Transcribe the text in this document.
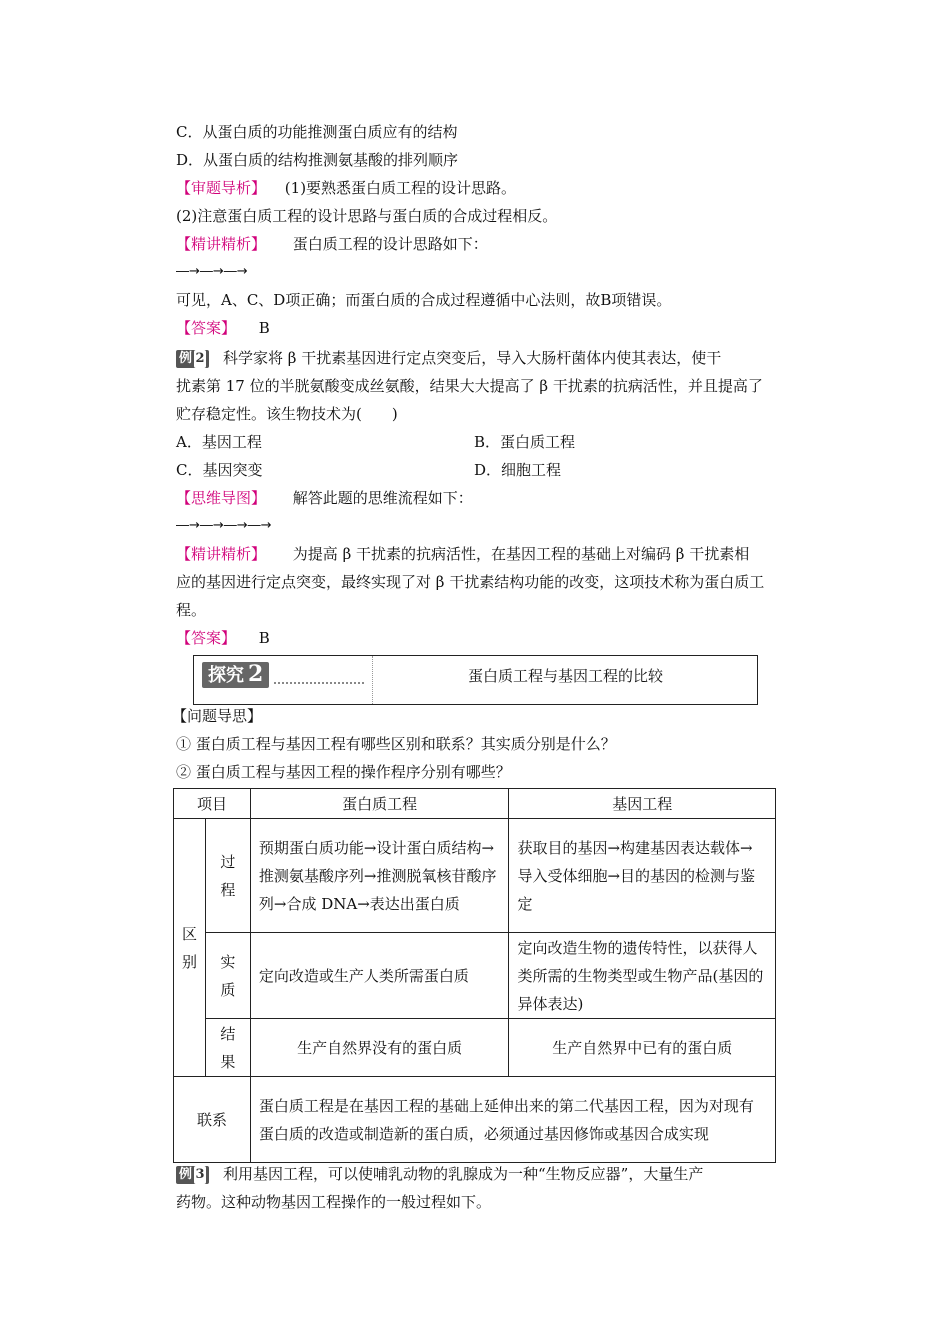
C．从蛋白质的功能推测蛋白质应有的结构
D．从蛋白质的结构推测氨基酸的排列顺序
【审题导析】 (1)要熟悉蛋白质工程的设计思路。
(2)注意蛋白质工程的设计思路与蛋白质的合成过程相反。
【精讲精析】 蛋白质工程的设计思路如下：
―→―→―→
可见，A、C、D项正确；而蛋白质的合成过程遵循中心法则，故B项错误。
【答案】 B
例 2 科学家将 β 干扰素基因进行定点突变后，导入大肠杆菌体内使其表达，使干
扰素第 17 位的半胱氨酸变成丝氨酸，结果大大提高了 β 干扰素的抗病活性，并且提高了
贮存稳定性。该生物技术为(　　)
A．基因工程	B．蛋白质工程
C．基因突变	D．细胞工程
【思维导图】 解答此题的思维流程如下：
―→―→―→―→
【精讲精析】 为提高 β 干扰素的抗病活性，在基因工程的基础上对编码 β 干扰素相
应的基因进行定点突变，最终实现了对 β 干扰素结构功能的改变，这项技术称为蛋白质工
程。
【答案】 B
探究 2	蛋白质工程与基因工程的比较
【问题导思】
① 蛋白质工程与基因工程有哪些区别和联系？其实质分别是什么？
② 蛋白质工程与基因工程的操作程序分别有哪些？
项目		蛋白质工程	基因工程

区别	过程	预期蛋白质功能→设计蛋白质结构→推测氨基酸序列→推测脱氧核苷酸序列→合成 DNA→表达出蛋白质	获取目的基因→构建基因表达载体→导入受体细胞→目的基因的检测与鉴定

	实质	定向改造或生产人类所需蛋白质	定向改造生物的遗传特性，以获得人类所需的生物类型或生物产品(基因的异体表达)

	结果	生产自然界没有的蛋白质	生产自然界中已有的蛋白质
联系		蛋白质工程是在基因工程的基础上延伸出来的第二代基因工程，因为对现有蛋白质的改造或制造新的蛋白质，必须通过基因修饰或基因合成实现	
例 3 利用基因工程，可以使哺乳动物的乳腺成为一种“生物反应器”，大量生产
药物。这种动物基因工程操作的一般过程如下。
